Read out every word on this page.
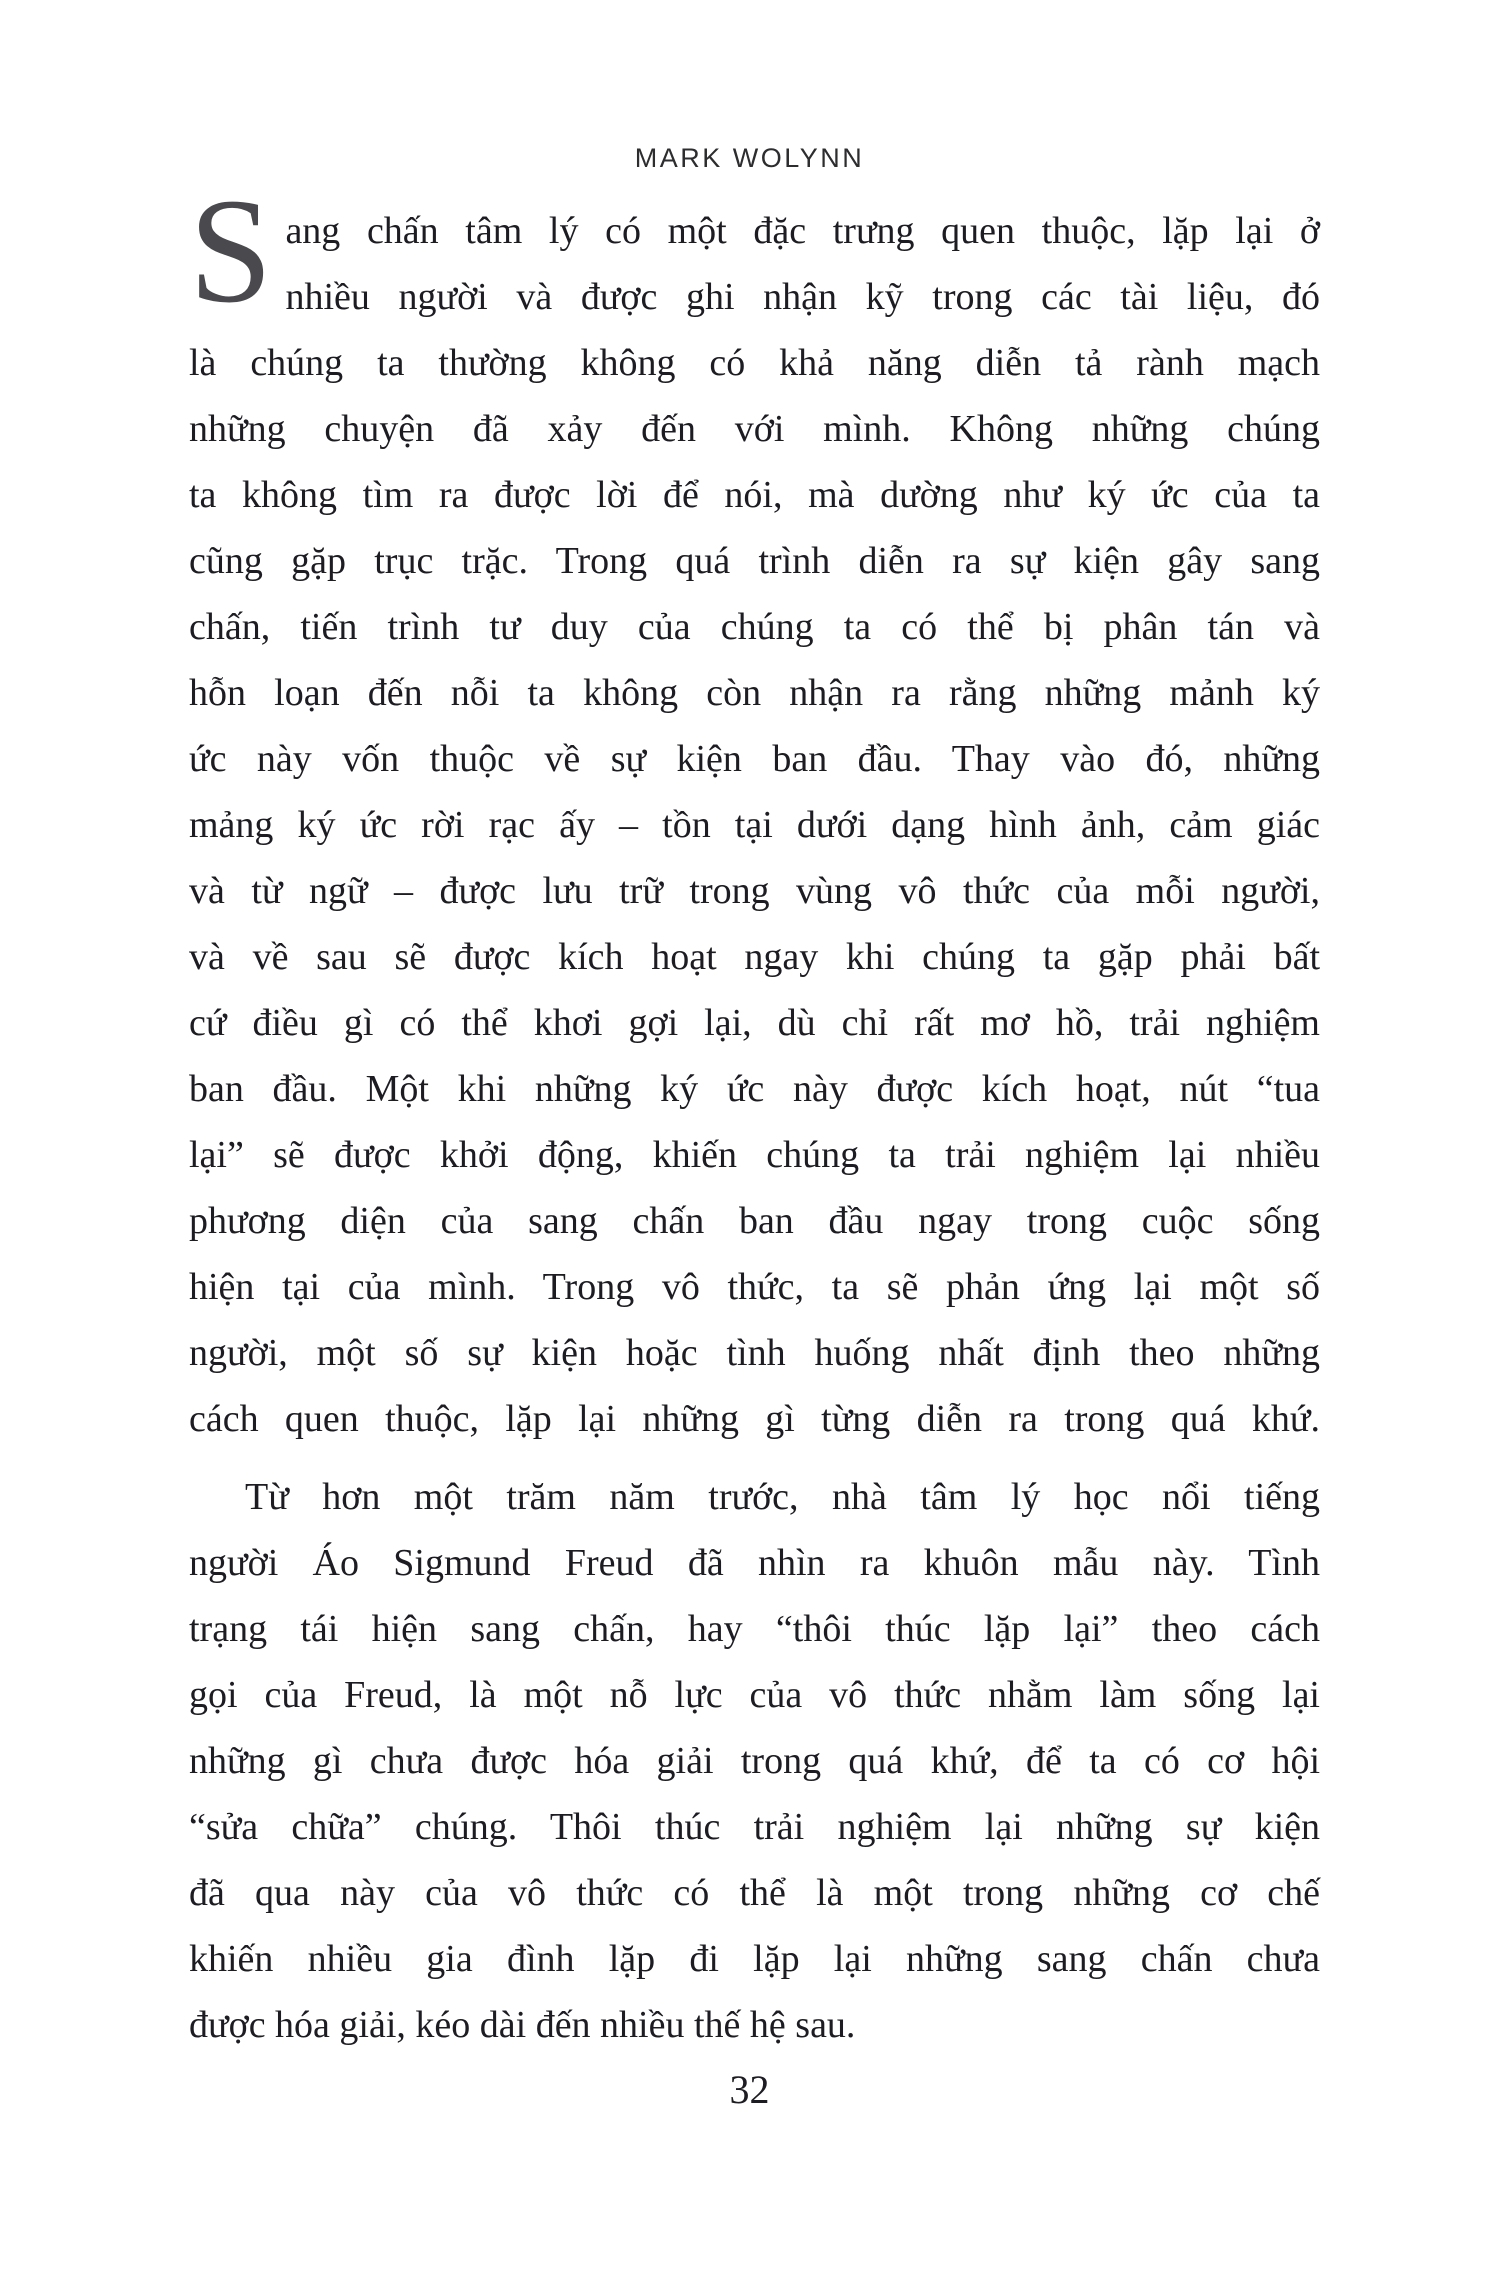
MARK WOLYNN

S ang chấn tâm lý có một đặc trưng quen thuộc, lặp lại ở
nhiều người và được ghi nhận kỹ trong các tài liệu, đó
là chúng ta thường không có khả năng diễn tả rành mạch
những chuyện đã xảy đến với mình. Không những chúng
ta không tìm ra được lời để nói, mà dường như ký ức của ta
cũng gặp trục trặc. Trong quá trình diễn ra sự kiện gây sang
chấn, tiến trình tư duy của chúng ta có thể bị phân tán và
hỗn loạn đến nỗi ta không còn nhận ra rằng những mảnh ký
ức này vốn thuộc về sự kiện ban đầu. Thay vào đó, những
mảng ký ức rời rạc ấy – tồn tại dưới dạng hình ảnh, cảm giác
và từ ngữ – được lưu trữ trong vùng vô thức của mỗi người,
và về sau sẽ được kích hoạt ngay khi chúng ta gặp phải bất
cứ điều gì có thể khơi gợi lại, dù chỉ rất mơ hồ, trải nghiệm
ban đầu. Một khi những ký ức này được kích hoạt, nút “tua
lại” sẽ được khởi động, khiến chúng ta trải nghiệm lại nhiều
phương diện của sang chấn ban đầu ngay trong cuộc sống
hiện tại của mình. Trong vô thức, ta sẽ phản ứng lại một số
người, một số sự kiện hoặc tình huống nhất định theo những
cách quen thuộc, lặp lại những gì từng diễn ra trong quá khứ.

Từ hơn một trăm năm trước, nhà tâm lý học nổi tiếng
người Áo Sigmund Freud đã nhìn ra khuôn mẫu này. Tình
trạng tái hiện sang chấn, hay “thôi thúc lặp lại” theo cách
gọi của Freud, là một nỗ lực của vô thức nhằm làm sống lại
những gì chưa được hóa giải trong quá khứ, để ta có cơ hội
“sửa chữa” chúng. Thôi thúc trải nghiệm lại những sự kiện
đã qua này của vô thức có thể là một trong những cơ chế
khiến nhiều gia đình lặp đi lặp lại những sang chấn chưa
được hóa giải, kéo dài đến nhiều thế hệ sau.

32
